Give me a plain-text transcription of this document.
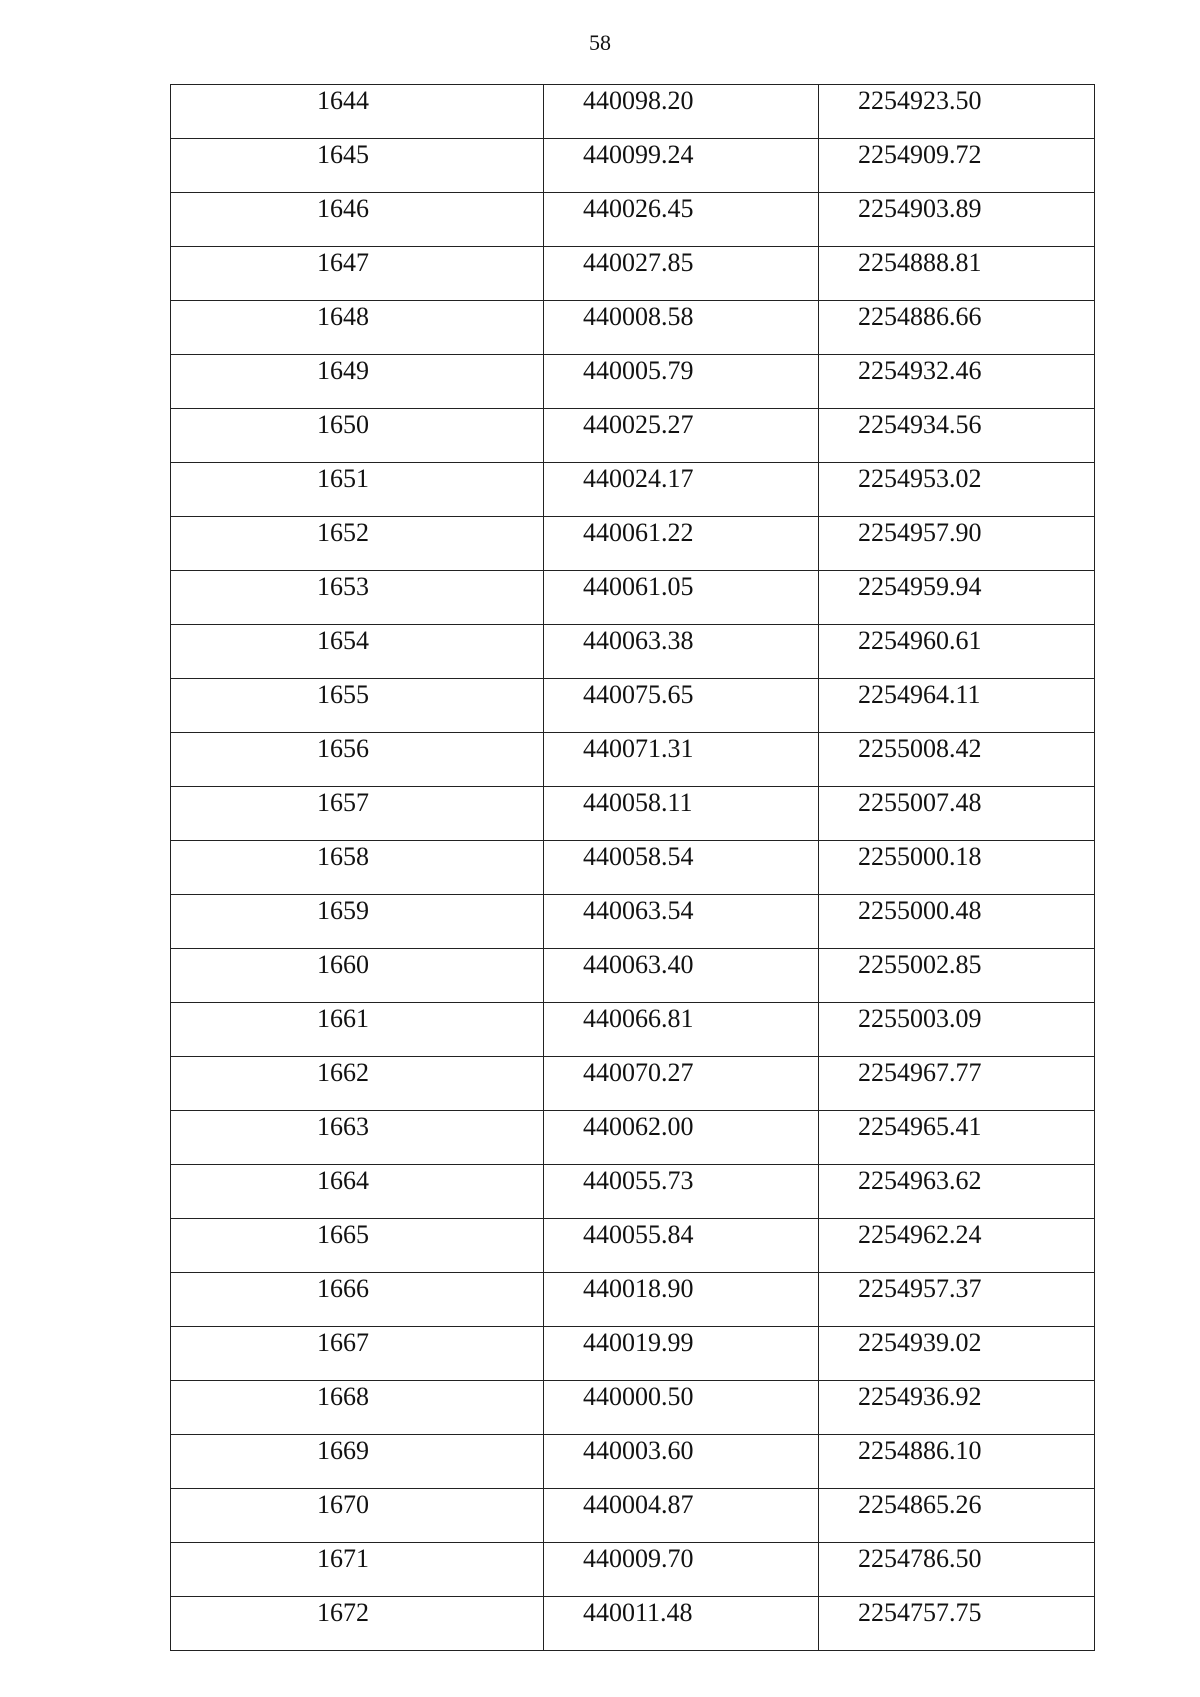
58
1644	440098.20	2254923.50

1645	440099.24	2254909.72

1646	440026.45	2254903.89

1647	440027.85	2254888.81

1648	440008.58	2254886.66

1649	440005.79	2254932.46

1650	440025.27	2254934.56

1651	440024.17	2254953.02

1652	440061.22	2254957.90

1653	440061.05	2254959.94

1654	440063.38	2254960.61

1655	440075.65	2254964.11

1656	440071.31	2255008.42

1657	440058.11	2255007.48

1658	440058.54	2255000.18

1659	440063.54	2255000.48

1660	440063.40	2255002.85

1661	440066.81	2255003.09

1662	440070.27	2254967.77

1663	440062.00	2254965.41

1664	440055.73	2254963.62

1665	440055.84	2254962.24

1666	440018.90	2254957.37

1667	440019.99	2254939.02

1668	440000.50	2254936.92

1669	440003.60	2254886.10

1670	440004.87	2254865.26

1671	440009.70	2254786.50

1672	440011.48	2254757.75
